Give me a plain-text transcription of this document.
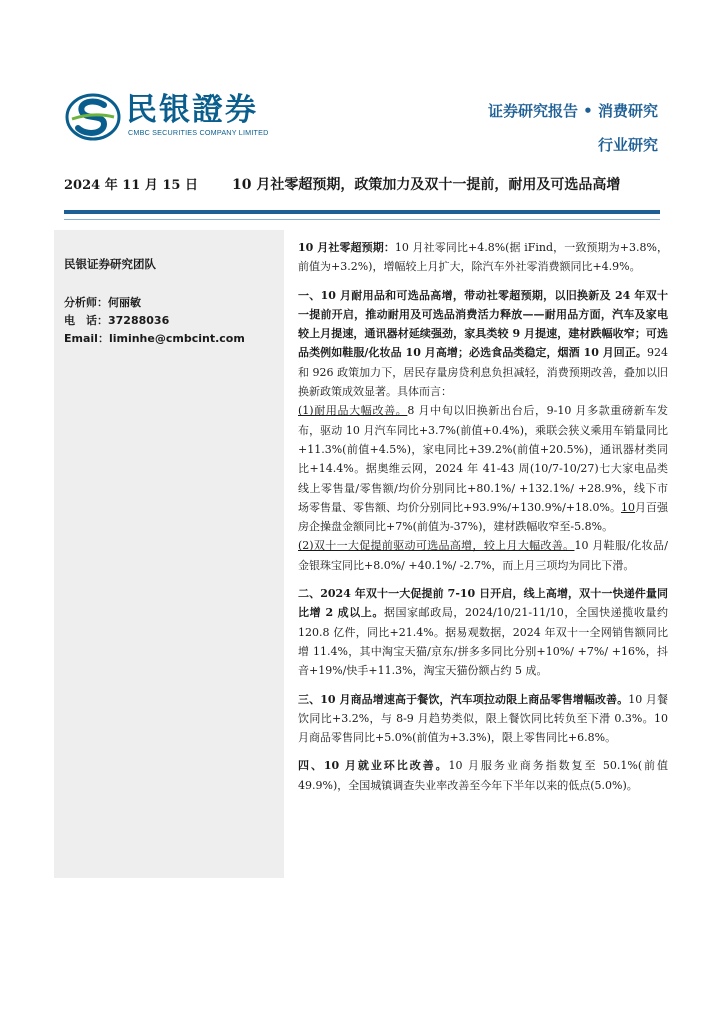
民银證券
CMBC SECURITIES COMPANY LIMITED
证券研究报告 • 消费研究
行业研究
2024 年 11 月 15 日 10 月社零超预期，政策加力及双十一提前，耐用及可选品高增
民银证券研究团队
分析师：何丽敏
电　话：37288036
Email：liminhe@cmbcint.com

10 月社零超预期：10 月社零同比+4.8%(据 iFind，一致预期为+3.8%，前值为+3.2%)，增幅较上月扩大，除汽车外社零消费额同比+4.9%。

一、10 月耐用品和可选品高增，带动社零超预期，以旧换新及 24 年双十一提前开启，推动耐用及可选品消费活力释放——耐用品方面，汽车及家电较上月提速，通讯器材延续强劲，家具类较 9 月提速，建材跌幅收窄；可选品类例如鞋服/化妆品 10 月高增；必选食品类稳定，烟酒 10 月回正。924 和 926 政策加力下，居民存量房贷利息负担减轻，消费预期改善，叠加以旧换新政策成效显著。具体而言：
(1)耐用品大幅改善。8 月中旬以旧换新出台后，9-10 月多款重磅新车发布，驱动 10 月汽车同比+3.7%(前值+0.4%)，乘联会狭义乘用车销量同比+11.3%(前值+4.5%)，家电同比+39.2%(前值+20.5%)，通讯器材类同比+14.4%。据奥维云网，2024 年 41-43 周(10/7-10/27)七大家电品类线上零售量/零售额/均价分别同比+80.1%/ +132.1%/ +28.9%，线下市场零售量、零售额、均价分别同比+93.9%/+130.9%/+18.0%。10月百强房企操盘金额同比+7%(前值为-37%)，建材跌幅收窄至-5.8%。
(2)双十一大促提前驱动可选品高增，较上月大幅改善。10 月鞋服/化妆品/金银珠宝同比+8.0%/ +40.1%/ -2.7%，而上月三项均为同比下滑。

二、2024 年双十一大促提前 7-10 日开启，线上高增，双十一快递件量同比增 2 成以上。据国家邮政局，2024/10/21-11/10，全国快递揽收量约 120.8 亿件，同比+21.4%。据易观数据，2024 年双十一全网销售额同比增 11.4%，其中淘宝天猫/京东/拼多多同比分别+10%/ +7%/ +16%，抖音+19%/快手+11.3%，淘宝天猫份额占约 5 成。

三、10 月商品增速高于餐饮，汽车项拉动限上商品零售增幅改善。10 月餐饮同比+3.2%，与 8-9 月趋势类似，限上餐饮同比转负至下滑 0.3%。10 月商品零售同比+5.0%(前值为+3.3%)，限上零售同比+6.8%。

四、10 月就业环比改善。10 月服务业商务指数复至 50.1%(前值 49.9%)，全国城镇调查失业率改善至今年下半年以来的低点(5.0%)。
